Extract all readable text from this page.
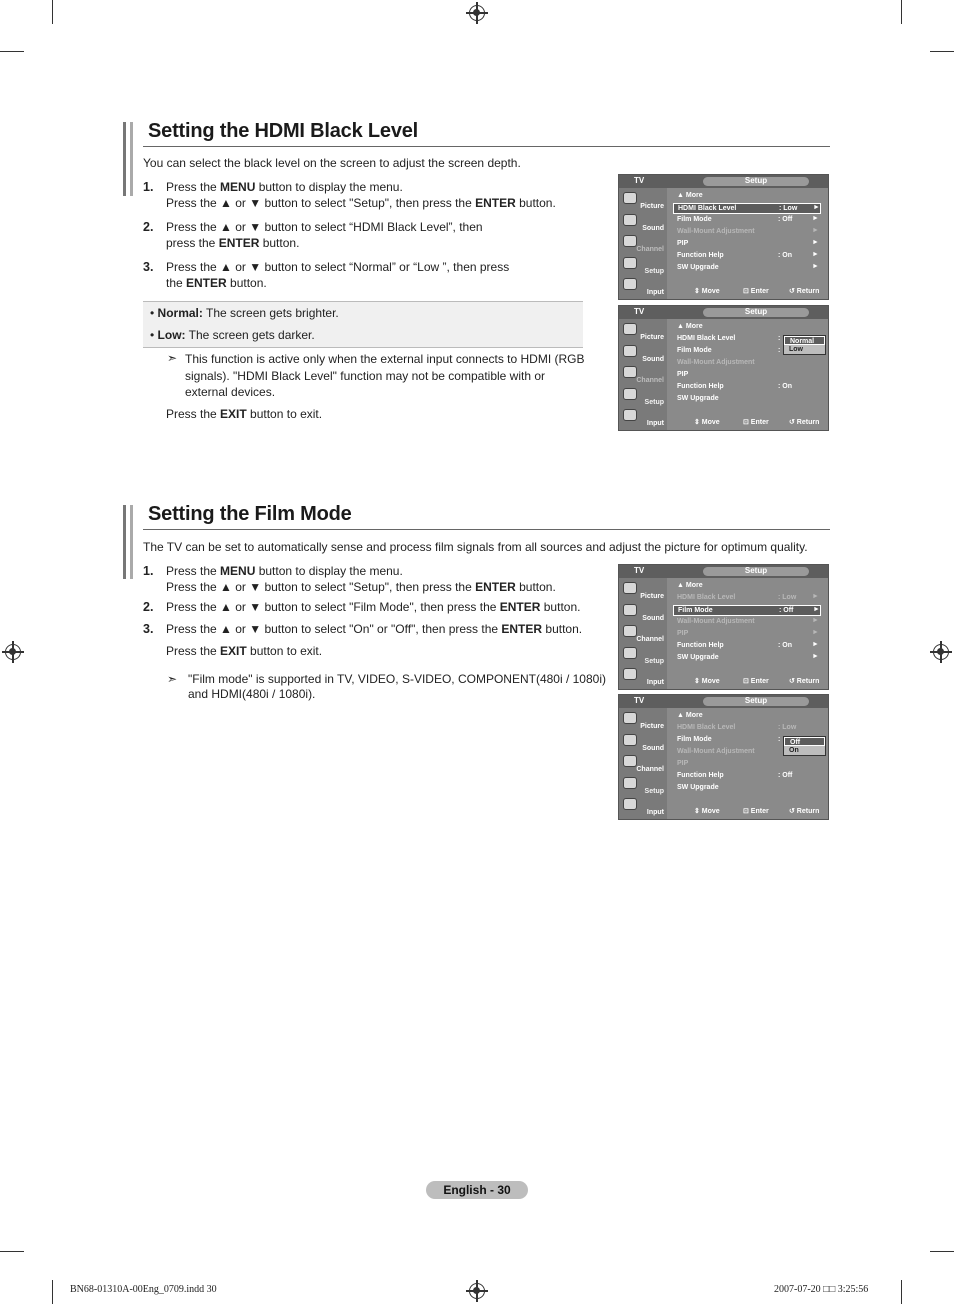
Setting the HDMI Black Level
You can select the black level on the screen to adjust the screen depth.
1. Press the MENU button to display the menu.
Press the ▲ or ▼ button to select "Setup", then press the ENTER button.
2. Press the ▲ or ▼ button to select “HDMI Black Level”, then
press the ENTER button.
3. Press the ▲ or ▼ button to select “Normal” or “Low ”, then press
the ENTER button.
• Normal: The screen gets brighter.
• Low: The screen gets darker.
➣ This function is active only when the external input connects to HDMI (RGB signals). "HDMI Black Level" function may not be compatible with or external devices.
Press the EXIT button to exit.
Setting the Film Mode
The TV can be set to automatically sense and process film signals from all sources and adjust the picture for optimum quality.
1. Press the MENU button to display the menu.
Press the ▲ or ▼ button to select "Setup", then press the ENTER button.
2. Press the ▲ or ▼ button to select "Film Mode", then press the ENTER button.
3. Press the ▲ or ▼ button to select "On" or "Off", then press the ENTER button.
Press the EXIT button to exit.
➣ "Film mode" is supported in TV, VIDEO, S-VIDEO, COMPONENT(480i / 1080i) and HDMI(480i / 1080i).
TV	Setup
Picture
Sound
Channel
Setup
Input
▲ More
HDMI Black Level	: Low ►
Film Mode	: Off	►
Wall-Mount Adjustment	►
PIP	►
Function Help	: On	►
SW Upgrade	►
⇕ Move	⊡ Enter	↺ Return
TV	Setup
Picture
Sound
Channel
Setup
Input
▲ More
HDMI Black Level	:
Film Mode	:
Wall-Mount Adjustment
PIP
Function Help	: On
SW Upgrade
Normal
Low
⇕ Move	⊡ Enter	↺ Return
TV	Setup
Picture
Sound
Channel
Setup
Input
▲ More
HDMI Black Level	: Low ►
Film Mode	: Off	►
Wall-Mount Adjustment	►
PIP	►
Function Help	: On	►
SW Upgrade	►
⇕ Move	⊡ Enter	↺ Return
TV	Setup
Picture
Sound
Channel
Setup
Input
▲ More
HDMI Black Level	: Low
Film Mode	:
Wall-Mount Adjustment
PIP
Function Help	: Off
SW Upgrade
Off
On
⇕ Move	⊡ Enter	↺ Return
English - 30
BN68-01310A-00Eng_0709.indd 30	2007-07-20 □□ 3:25:56
